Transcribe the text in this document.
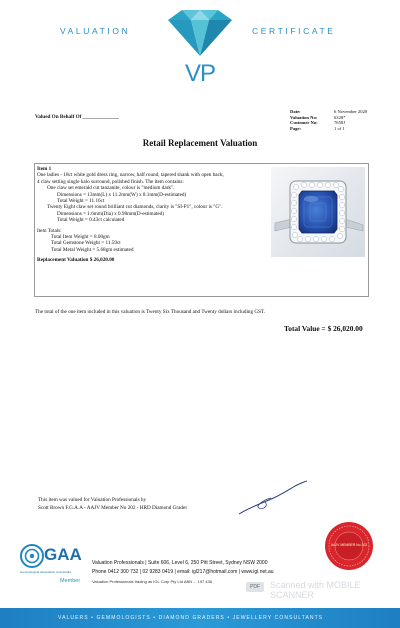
VALUATION	CERTIFICATE
VP
Valued On Behalf Of ______________
Date:	6 November 2020
Valuation No:	6328*
Customer No:	7658J
Page:	1 of 1
Retail Replacement Valuation
Item 1
One ladies - 18ct white gold dress ring, narrow, half round, tapered shank with open back,
4 claw setting single halo surround, polished finish. The item contains:
One claw set emerald cut tanzanite, colour is "medium dark".
Dimensions = 13mm(L) x 11.2mm(W) x 8.1mm(D-estimated)
Total Weight = 11.16ct
Twenty Eight claw set round brilliant cut diamonds, clarity is "SI-P1", colour is "G".
Dimensions = 1.6mm(Dia) x 0.98mm(D-estimated)
Total Weight = 0.43ct calculated
Item Totals:
Total Item Weight = 8.00gm
Total Gemstone Weight = 11.59ct
Total Metal Weight = 5.68gm estimated
Replacement Valuation $ 26,020.00
The total of the one item included in this valuation is Twenty Six Thousand and Twenty dollars including GST.
Total Value = $ 26,020.00
This item was valued for Valuation Professionals by
Scott Brown F.G.A.A - AAJV Member No 202 - HRD Diamond Grader
AAJV MEMBER No 202
GAA
Gemmological Association of Australia
Member
Valuation Professionals | Suite 606, Level 6, 250 Pitt Street, Sydney NSW 2000
Phone 0412 300 732 | 02 9283 0419 | email: igl217@hotmail.com | www.igl.net.au
Valuation Professionals trading as IGL Corp Pty Ltd ABN ... 197 436
VALUERS • GEMMOLOGISTS • DIAMOND GRADERS • JEWELLERY CONSULTANTS
PDF	Scanned with MOBILE SCANNER
